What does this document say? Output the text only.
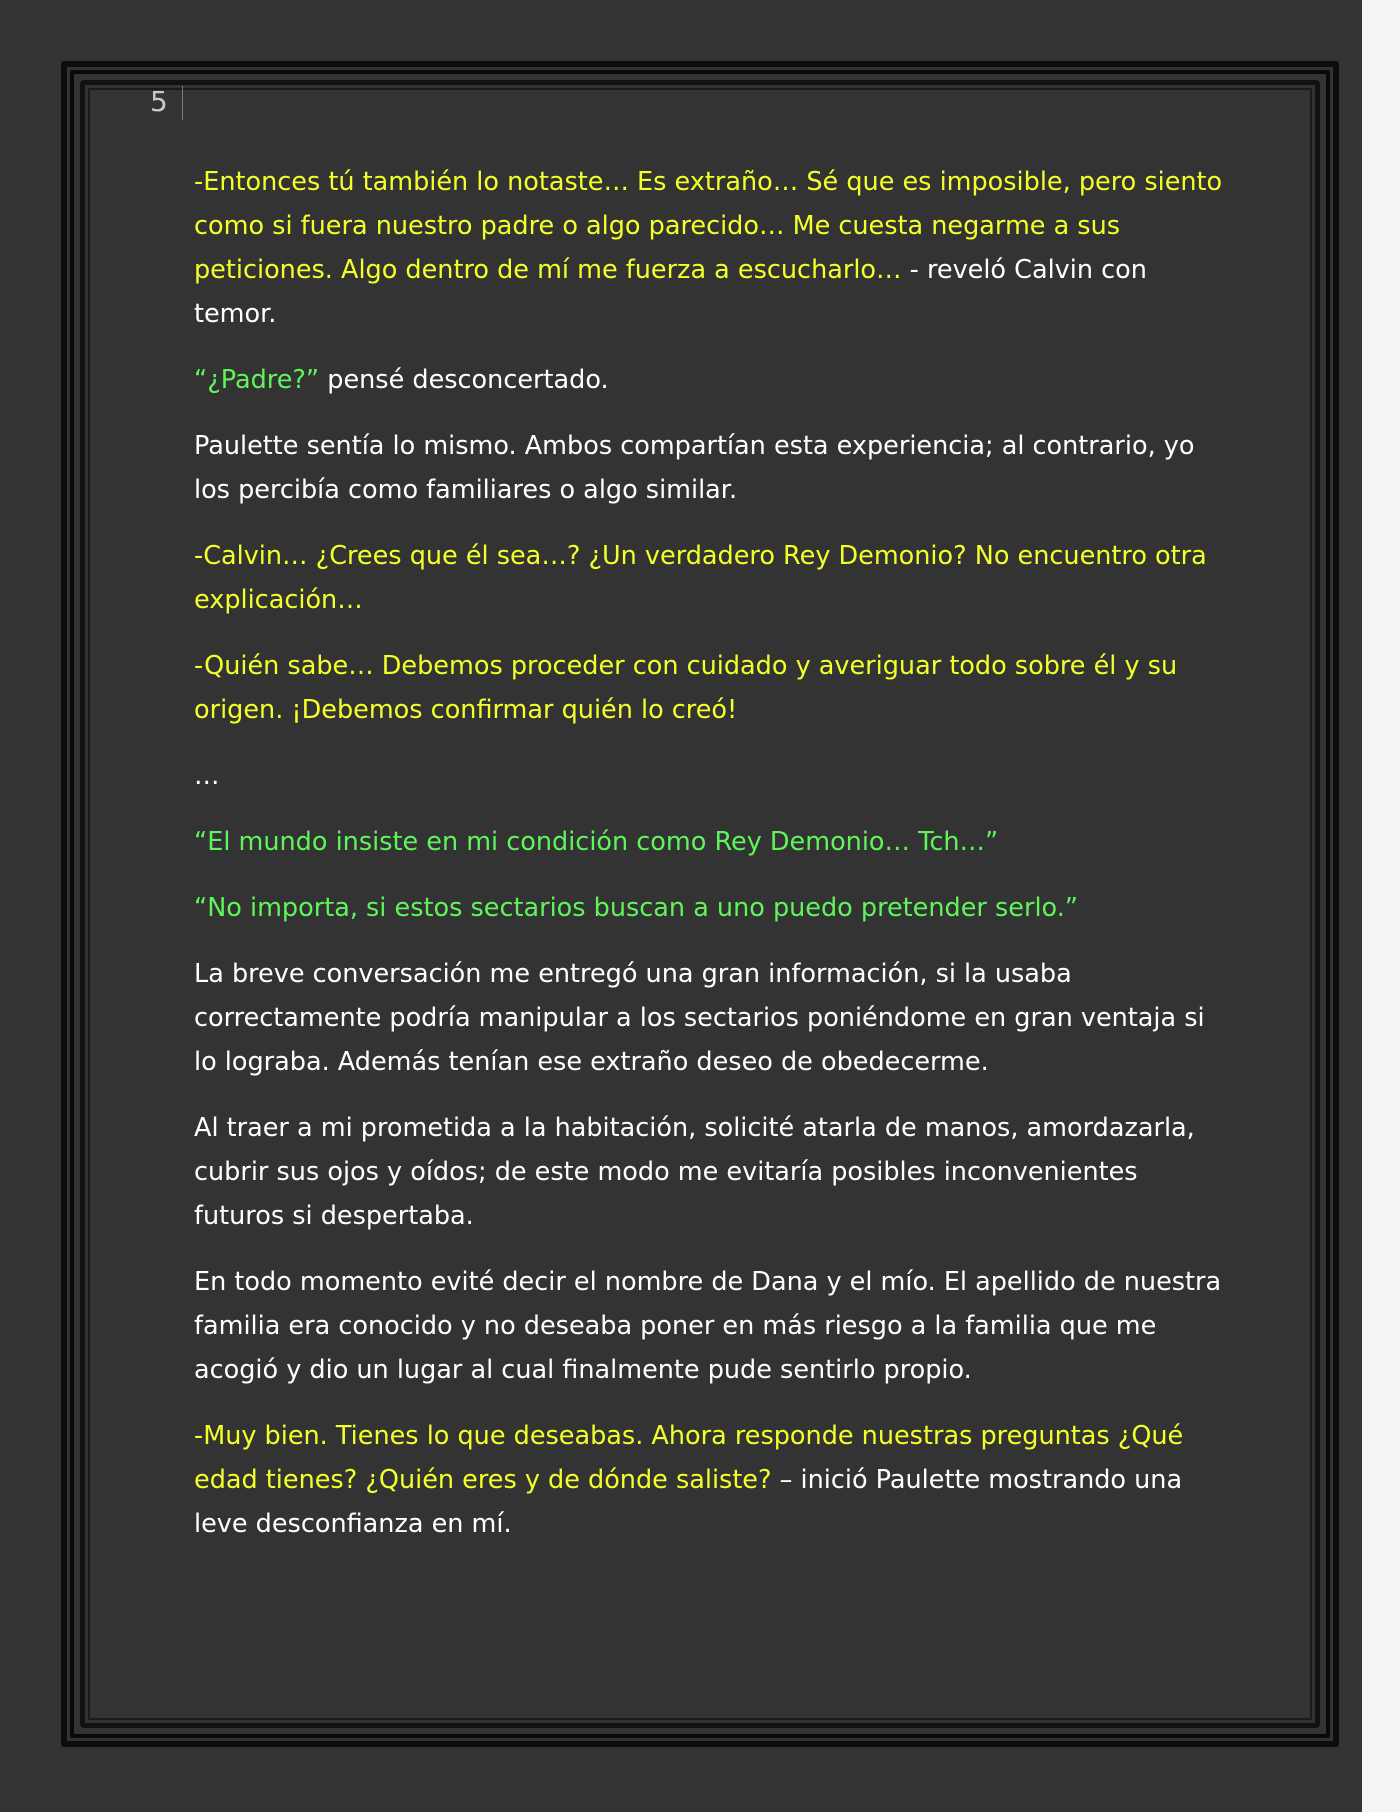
5

-Entonces tú también lo notaste… Es extraño… Sé que es imposible, pero siento
como si fuera nuestro padre o algo parecido… Me cuesta negarme a sus
peticiones. Algo dentro de mí me fuerza a escucharlo… - reveló Calvin con
temor.

“¿Padre?” pensé desconcertado.

Paulette sentía lo mismo. Ambos compartían esta experiencia; al contrario, yo
los percibía como familiares o algo similar.

-Calvin… ¿Crees que él sea…? ¿Un verdadero Rey Demonio? No encuentro otra
explicación…

-Quién sabe… Debemos proceder con cuidado y averiguar todo sobre él y su
origen. ¡Debemos confirmar quién lo creó!

…

“El mundo insiste en mi condición como Rey Demonio… Tch…”

“No importa, si estos sectarios buscan a uno puedo pretender serlo.”

La breve conversación me entregó una gran información, si la usaba
correctamente podría manipular a los sectarios poniéndome en gran ventaja si
lo lograba. Además tenían ese extraño deseo de obedecerme.

Al traer a mi prometida a la habitación, solicité atarla de manos, amordazarla,
cubrir sus ojos y oídos; de este modo me evitaría posibles inconvenientes
futuros si despertaba.

En todo momento evité decir el nombre de Dana y el mío. El apellido de nuestra
familia era conocido y no deseaba poner en más riesgo a la familia que me
acogió y dio un lugar al cual finalmente pude sentirlo propio.

-Muy bien. Tienes lo que deseabas. Ahora responde nuestras preguntas ¿Qué
edad tienes? ¿Quién eres y de dónde saliste? – inició Paulette mostrando una
leve desconfianza en mí.
